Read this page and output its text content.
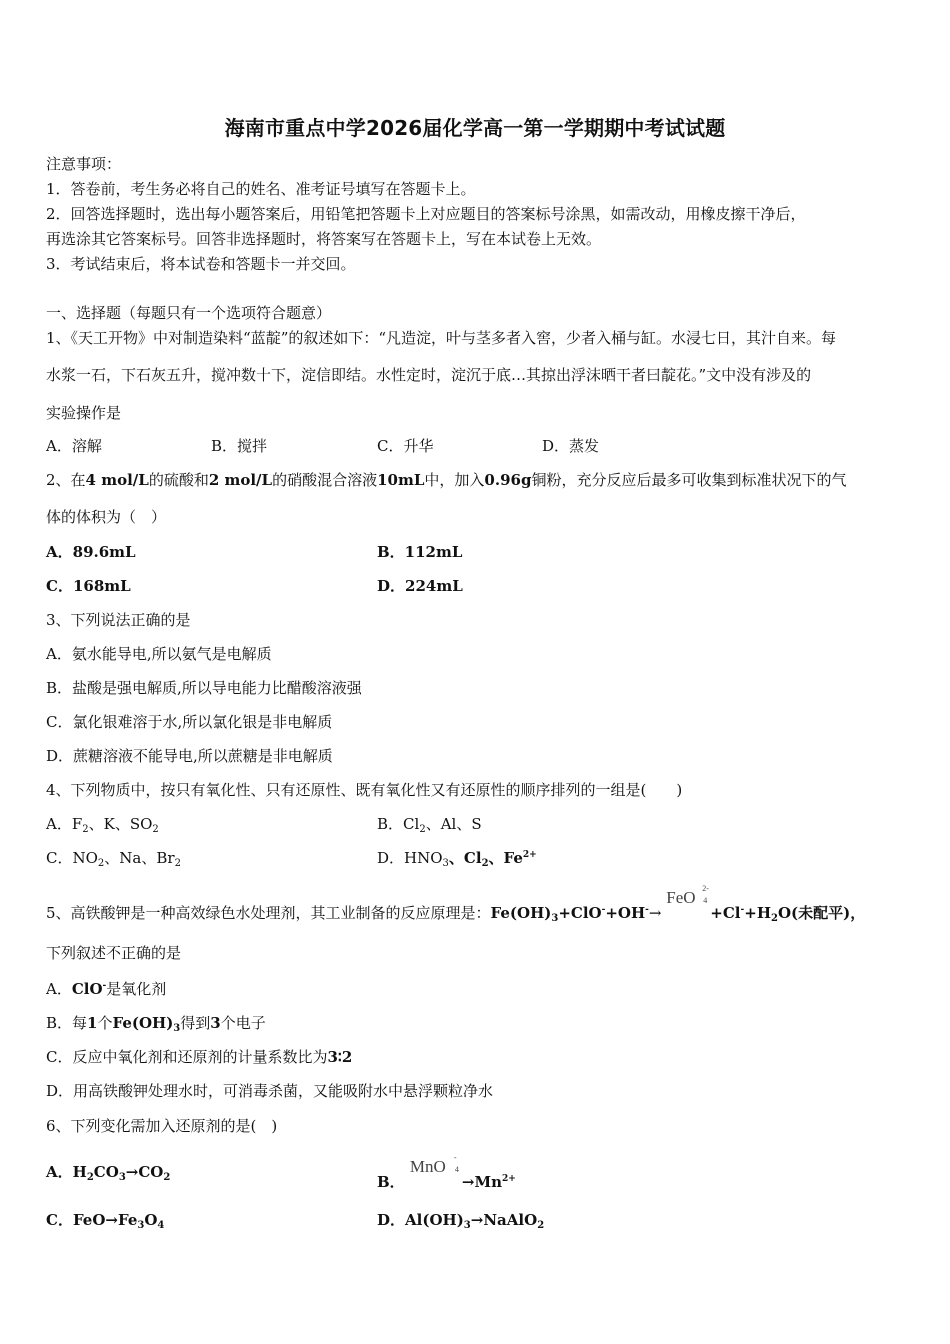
海南市重点中学2026届化学高一第一学期期中考试试题
注意事项：
1．答卷前，考生务必将自己的姓名、准考证号填写在答题卡上。
2．回答选择题时，选出每小题答案后，用铅笔把答题卡上对应题目的答案标号涂黑，如需改动，用橡皮擦干净后，
再选涂其它答案标号。回答非选择题时，将答案写在答题卡上，写在本试卷上无效。
3．考试结束后，将本试卷和答题卡一并交回。
一、选择题（每题只有一个选项符合题意）
1、《天工开物》中对制造染料“蓝靛”的叙述如下：“凡造淀，叶与茎多者入窖，少者入桶与缸。水浸七日，其汁自来。每
水浆一石，下石灰五升，搅冲数十下，淀信即结。水性定时，淀沉于底…其掠出浮沫晒干者曰靛花。”文中没有涉及的
实验操作是
A．溶解	B．搅拌	C．升华	D．蒸发
2、在4 mol/L的硫酸和2 mol/L的硝酸混合溶液10mL中，加入0.96g铜粉，充分反应后最多可收集到标准状况下的气
体的体积为（　）
A．89.6mL	B．112mL
C．168mL	D．224mL
3、下列说法正确的是
A．氨水能导电,所以氨气是电解质
B．盐酸是强电解质,所以导电能力比醋酸溶液强
C．氯化银难溶于水,所以氯化银是非电解质
D．蔗糖溶液不能导电,所以蔗糖是非电解质
4、下列物质中，按只有氧化性、只有还原性、既有氧化性又有还原性的顺序排列的一组是(　　)
A．$F_2$、K、$SO_2$	B．$Cl_2$、Al、S
C．$NO_2$、Na、$Br_2$	D．$HNO_3$、$Cl_2$、$Fe^{2+}$
5、高铁酸钾是一种高效绿色水处理剂，其工业制备的反应原理是：$Fe(OH)_3+ClO^-+OH^-\to$
FeO 2-
4
$+Cl^-+H_2O$(未配平)，
下列叙述不正确的是
A．ClO-是氧化剂
B．每1个$Fe(OH)_3$得到3个电子
C．反应中氧化剂和还原剂的计量系数比为3∶2
D．用高铁酸钾处理水时，可消毒杀菌，又能吸附水中悬浮颗粒净水
6、下列变化需加入还原剂的是(　)
A．$H_2CO_3\to CO_2$	B．
MnO -
4
$\to Mn^{2+}$
C．$FeO\to Fe_3O_4$	D．$Al(OH)_3\to NaAlO_2$
